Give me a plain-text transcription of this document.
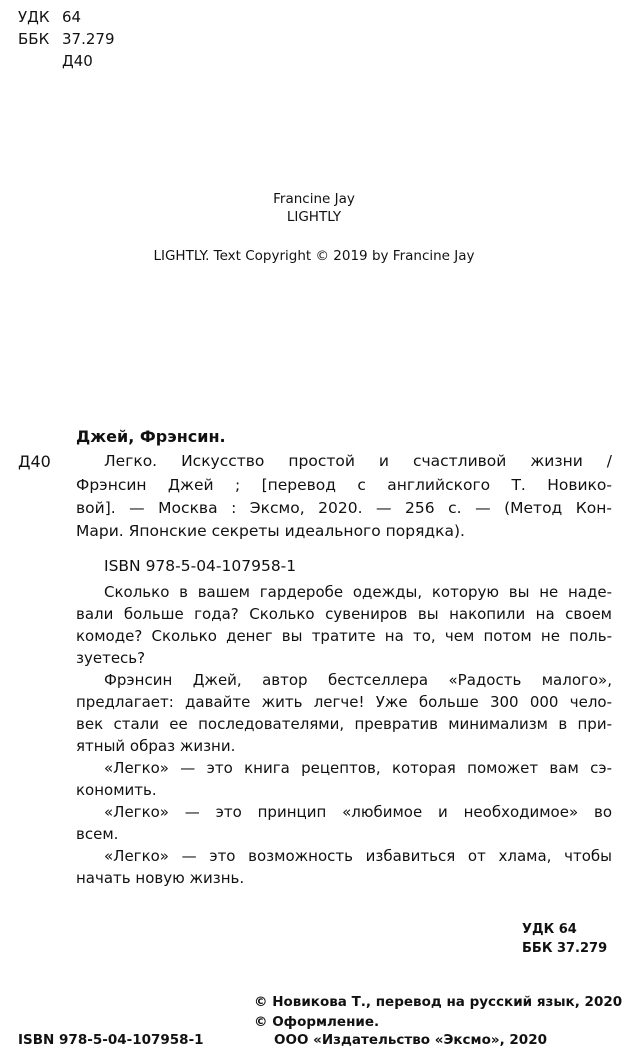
УДК 64
ББК 37.279
Д40
Francine Jay
LIGHTLY
LIGHTLY. Text Copyright © 2019 by Francine Jay
Джей, Фрэнсин.
Д40	Легко. Искусство простой и счастливой жизни /
Фрэнсин Джей ; [перевод с английского Т. Новико-
вой]. — Москва : Эксмо, 2020. — 256 с. — (Метод Кон-
Мари. Японские секреты идеального порядка).
ISBN 978-5-04-107958-1
Сколько в вашем гардеробе одежды, которую вы не наде-
вали больше года? Сколько сувениров вы накопили на своем
комоде? Сколько денег вы тратите на то, чем потом не поль-
зуетесь?
Фрэнсин Джей, автор бестселлера «Радость малого»,
предлагает: давайте жить легче! Уже больше 300 000 чело-
век стали ее последователями, превратив минимализм в при-
ятный образ жизни.
«Легко» — это книга рецептов, которая поможет вам сэ-
кономить.
«Легко» — это принцип «любимое и необходимое» во
всем.
«Легко» — это возможность избавиться от хлама, чтобы
начать новую жизнь.
УДК 64
ББК 37.279
© Новикова Т., перевод на русский язык, 2020
© Оформление.
ISBN 978-5-04-107958-1	ООО «Издательство «Эксмо», 2020
